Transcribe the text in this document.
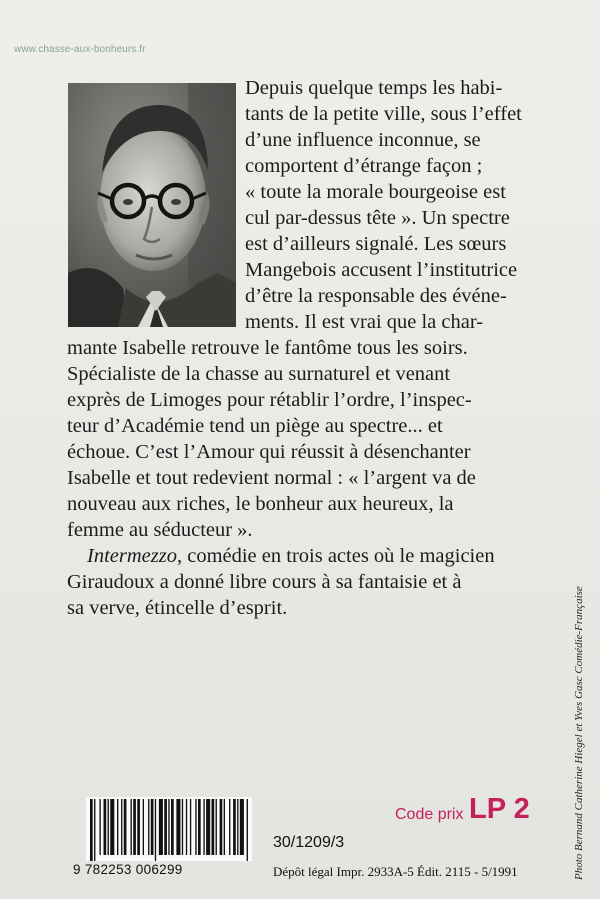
www.chasse-aux-bonheurs.fr
Depuis quelque temps les habi-
tants de la petite ville, sous l’effet
d’une influence inconnue, se
comportent d’étrange façon ;
« toute la morale bourgeoise est
cul par-dessus tête ». Un spectre
est d’ailleurs signalé. Les sœurs
Mangebois accusent l’institutrice
d’être la responsable des événe-
ments. Il est vrai que la char-
mante Isabelle retrouve le fantôme tous les soirs.
Spécialiste de la chasse au surnaturel et venant
exprès de Limoges pour rétablir l’ordre, l’inspec-
teur d’Académie tend un piège au spectre... et
échoue. C’est l’Amour qui réussit à désenchanter
Isabelle et tout redevient normal : « l’argent va de
nouveau aux riches, le bonheur aux heureux, la
femme au séducteur ».
Intermezzo, comédie en trois actes où le magicien
Giraudoux a donné libre cours à sa fantaisie et à
sa verve, étincelle d’esprit.
9 782253 006299
Code prix LP 2
30/1209/3
Dépôt légal Impr. 2933A-5 Édit. 2115 - 5/1991	Photo Bernand Catherine Hiegel et Yves Gasc Comédie-Française
